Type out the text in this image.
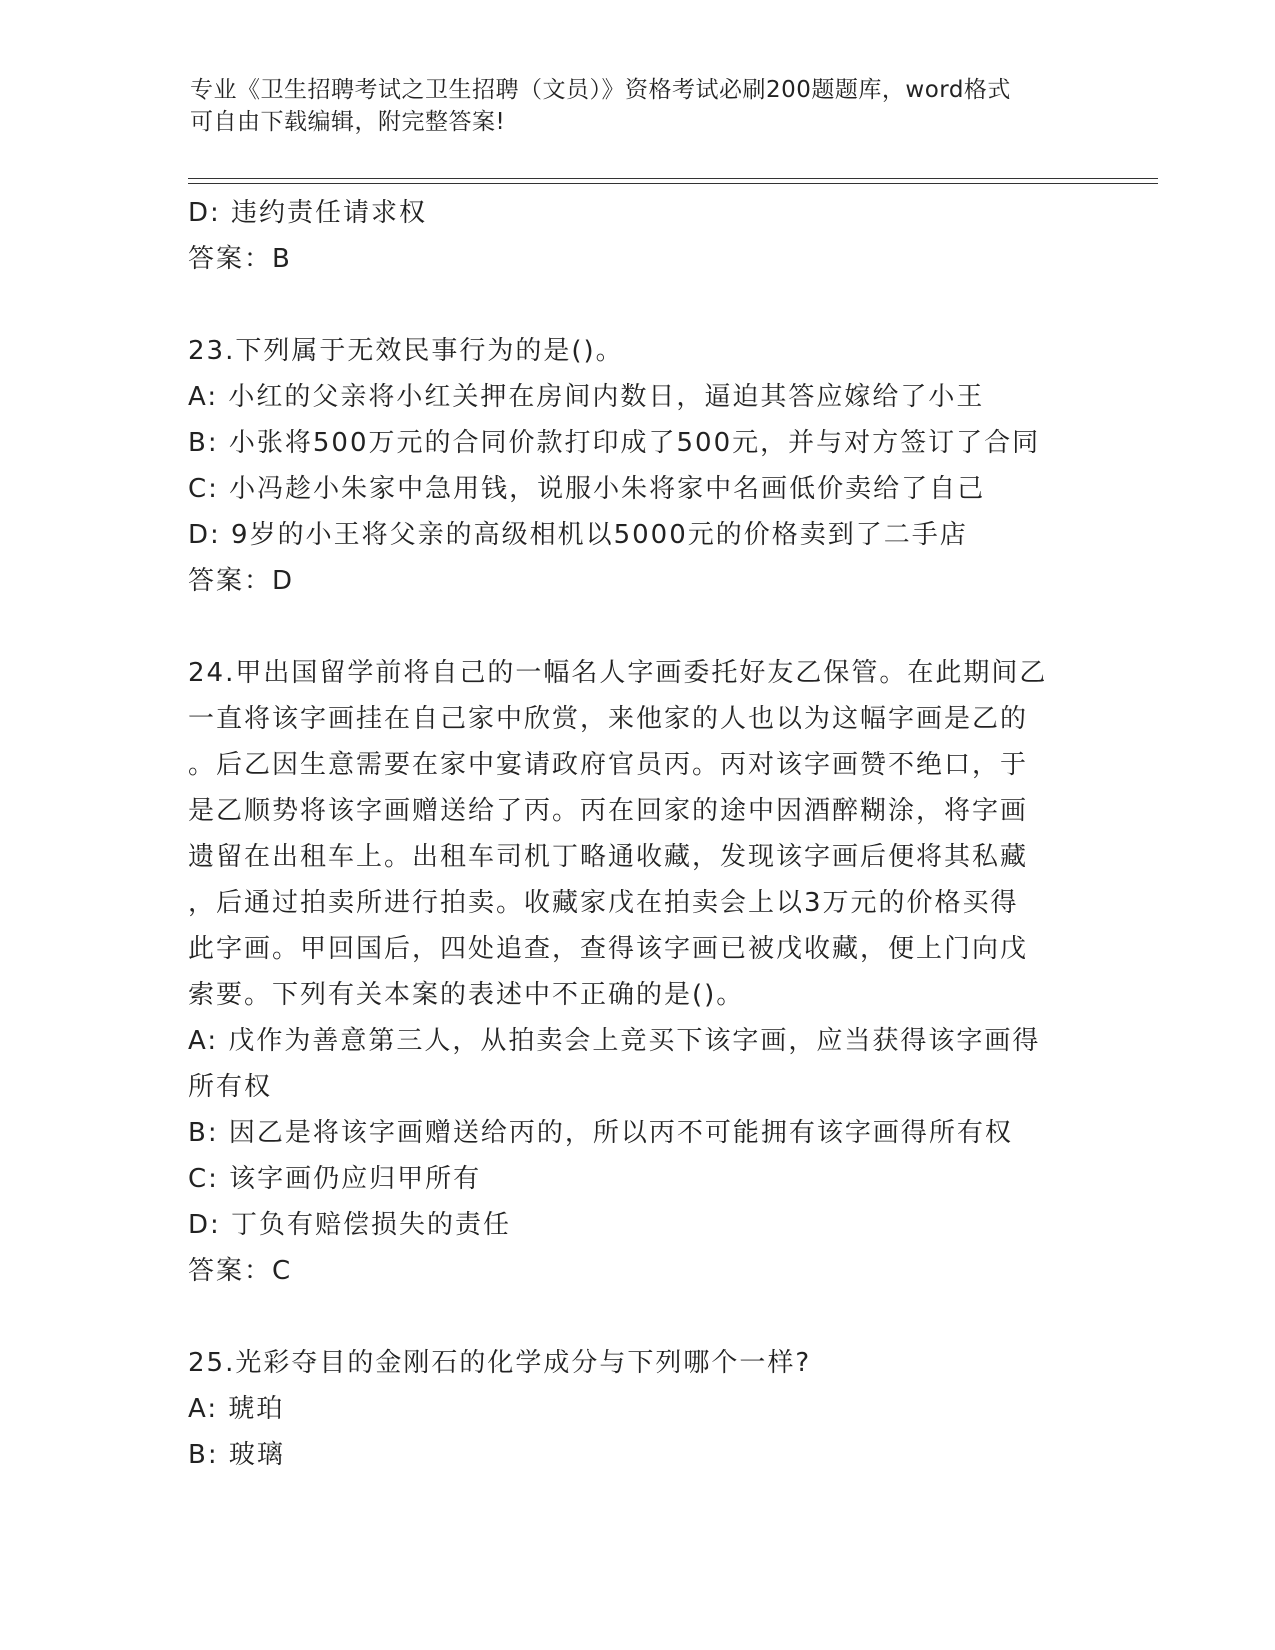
专业《卫生招聘考试之卫生招聘（文员）》资格考试必刷200题题库，word格式
可自由下载编辑，附完整答案!
D: 违约责任请求权
答案：B
23.下列属于无效民事行为的是()。
A: 小红的父亲将小红关押在房间内数日，逼迫其答应嫁给了小王
B: 小张将500万元的合同价款打印成了500元，并与对方签订了合同
C: 小冯趁小朱家中急用钱，说服小朱将家中名画低价卖给了自己
D: 9岁的小王将父亲的高级相机以5000元的价格卖到了二手店
答案：D
24.甲出国留学前将自己的一幅名人字画委托好友乙保管。在此期间乙
一直将该字画挂在自己家中欣赏，来他家的人也以为这幅字画是乙的
。后乙因生意需要在家中宴请政府官员丙。丙对该字画赞不绝口，于
是乙顺势将该字画赠送给了丙。丙在回家的途中因酒醉糊涂，将字画
遗留在出租车上。出租车司机丁略通收藏，发现该字画后便将其私藏
，后通过拍卖所进行拍卖。收藏家戊在拍卖会上以3万元的价格买得
此字画。甲回国后，四处追查，查得该字画已被戊收藏，便上门向戊
索要。下列有关本案的表述中不正确的是()。
A: 戊作为善意第三人，从拍卖会上竞买下该字画，应当获得该字画得
所有权
B: 因乙是将该字画赠送给丙的，所以丙不可能拥有该字画得所有权
C: 该字画仍应归甲所有
D: 丁负有赔偿损失的责任
答案：C
25.光彩夺目的金刚石的化学成分与下列哪个一样?
A: 琥珀
B: 玻璃
